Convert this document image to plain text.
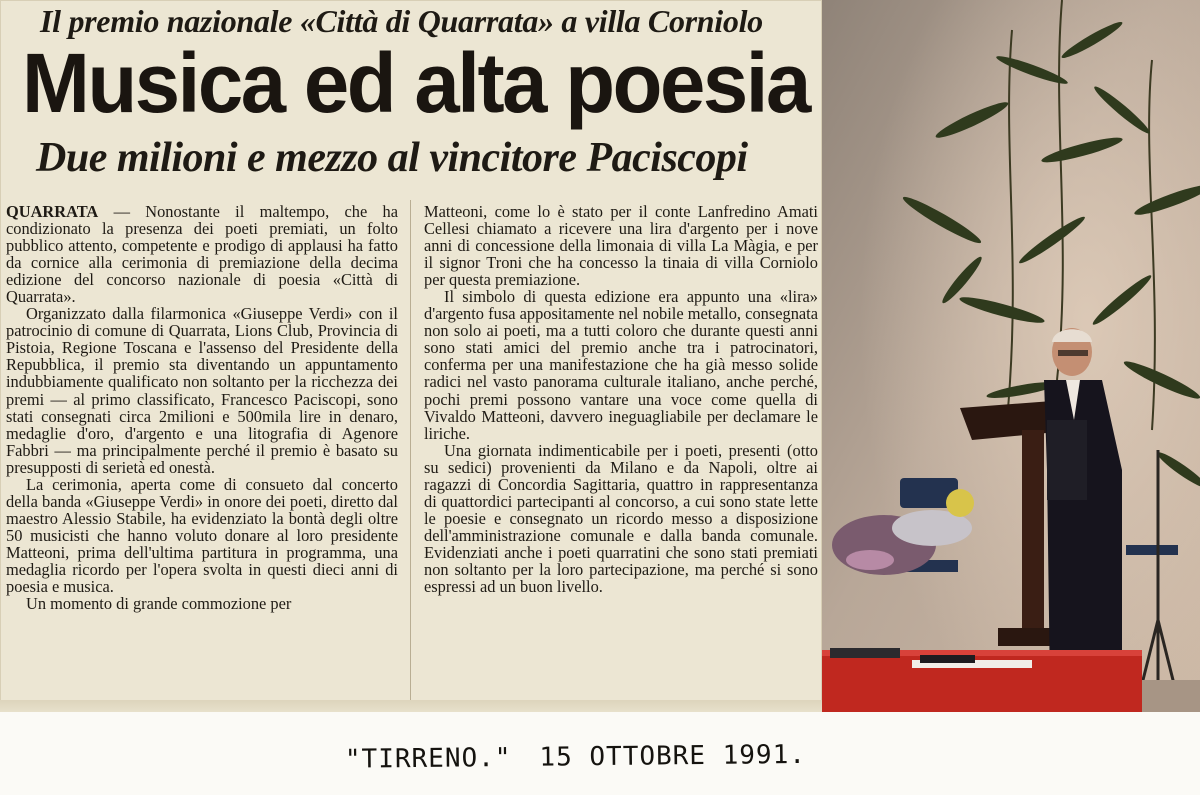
Il premio nazionale «Città di Quarrata» a villa Corniolo
Musica ed alta poesia
Due milioni e mezzo al vincitore Paciscopi

QUARRATA — Nonostante il maltempo, che ha condizionato la presenza dei poeti premiati, un folto pubblico attento, competente e prodigo di applausi ha fatto da cornice alla cerimonia di premiazione della decima edizione del concorso nazionale di poesia «Città di Quarrata».

Organizzato dalla filarmonica «Giuseppe Verdi» con il patrocinio di comune di Quarrata, Lions Club, Provincia di Pistoia, Regione Toscana e l'assenso del Presidente della Repubblica, il premio sta diventando un appuntamento indubbiamente qualificato non soltanto per la ricchezza dei premi — al primo classificato, Francesco Paciscopi, sono stati consegnati circa 2milioni e 500mila lire in denaro, medaglie d'oro, d'argento e una litografia di Agenore Fabbri — ma principalmente perché il premio è basato su presupposti di serietà ed onestà.

La cerimonia, aperta come di consueto dal concerto della banda «Giuseppe Verdi» in onore dei poeti, diretto dal maestro Alessio Stabile, ha evidenziato la bontà degli oltre 50 musicisti che hanno voluto donare al loro presidente Matteoni, prima dell'ultima partitura in programma, una medaglia ricordo per l'opera svolta in questi dieci anni di poesia e musica.

Un momento di grande commozione per

Matteoni, come lo è stato per il conte Lanfredino Amati Cellesi chiamato a ricevere una lira d'argento per i nove anni di concessione della limonaia di villa La Màgia, e per il signor Troni che ha concesso la tinaia di villa Corniolo per questa premiazione.

Il simbolo di questa edizione era appunto una «lira» d'argento fusa appositamente nel nobile metallo, consegnata non solo ai poeti, ma a tutti coloro che durante questi anni sono stati amici del premio anche tra i patrocinatori, conferma per una manifestazione che ha già messo solide radici nel vasto panorama culturale italiano, anche perché, pochi premi possono vantare una voce come quella di Vivaldo Matteoni, davvero ineguagliabile per declamare le liriche.

Una giornata indimenticabile per i poeti, presenti (otto su sedici) provenienti da Milano e da Napoli, oltre ai ragazzi di Concordia Sagittaria, quattro in rappresentanza di quattordici partecipanti al concorso, a cui sono state lette le poesie e consegnato un ricordo messo a disposizione dell'amministrazione comunale e dalla banda comunale. Evidenziati anche i poeti quarratini che sono stati premiati non soltanto per la loro partecipazione, ma perché si sono espressi ad un buon livello.

"TIRRENO." 15 OTTOBRE 1991.
